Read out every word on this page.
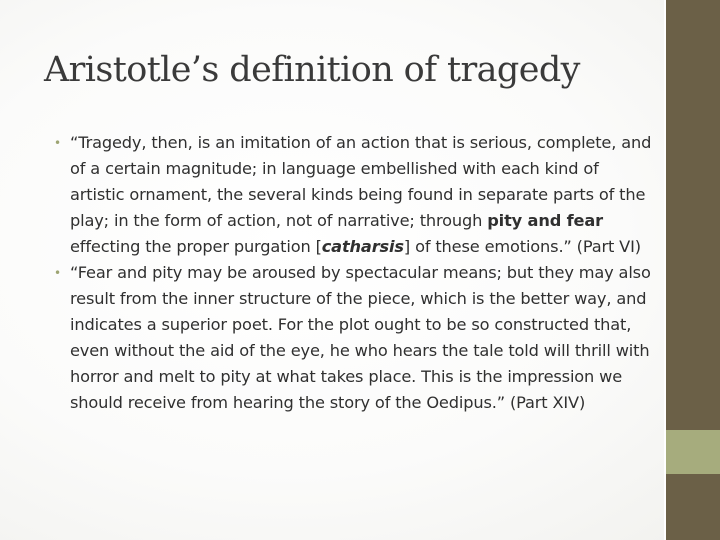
Aristotle’s definition of tragedy
• “Tragedy, then, is an imitation of an action that is serious, complete, and of a certain magnitude; in language embellished with each kind of artistic ornament, the several kinds being found in separate parts of the play; in the form of action, not of narrative; through pity and fear effecting the proper purgation [catharsis] of these emotions.” (Part VI)
• “Fear and pity may be aroused by spectacular means; but they may also result from the inner structure of the piece, which is the better way, and indicates a superior poet. For the plot ought to be so constructed that, even without the aid of the eye, he who hears the tale told will thrill with horror and melt to pity at what takes place. This is the impression we should receive from hearing the story of the Oedipus.” (Part XIV)
